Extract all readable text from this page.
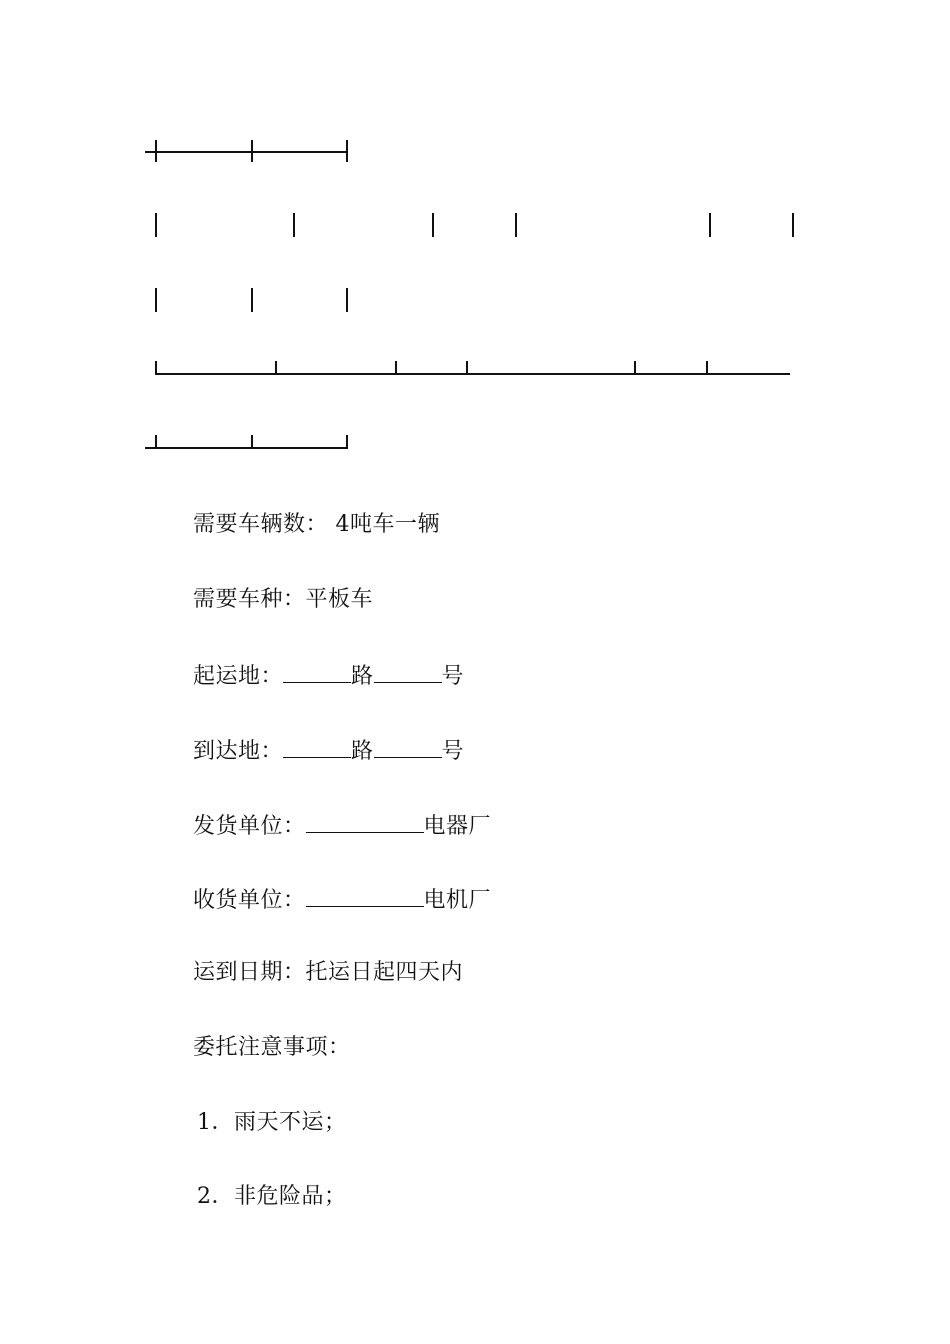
需要车辆数： 4吨车一辆
需要车种：平板车
起运地：	路	号
到达地：	路	号
发货单位：	电器厂
收货单位：	电机厂
运到日期：托运日起四天内
委托注意事项：
1．雨天不运；
2．非危险品；
